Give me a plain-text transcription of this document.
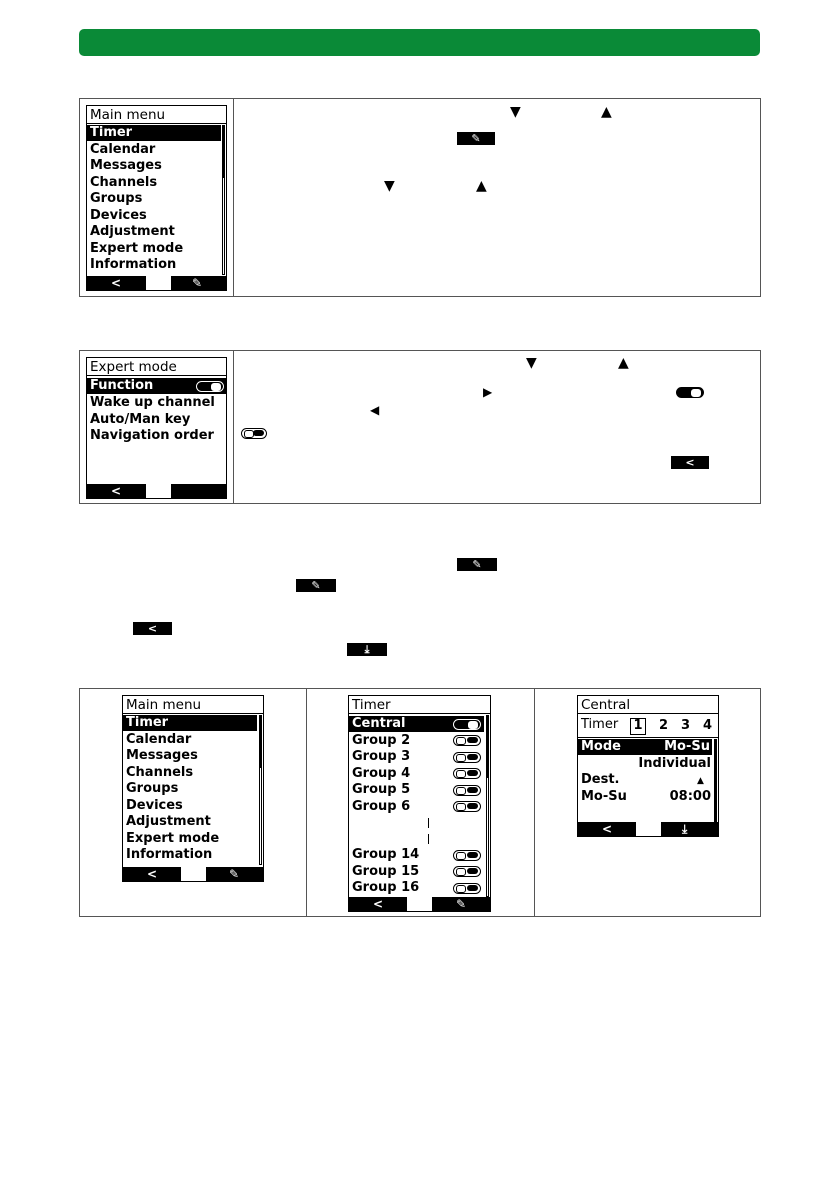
Main menu
Timer
Calendar
Messages
Channels
Groups
Devices
Adjustment
Expert mode
Information
<	✎
▼	▲
✎
▼	▲
Expert mode
Function
Wake up channel
Auto/Man key
Navigation order
<
▼	▲
▶
◀
<
✎
✎
<
⤓
Main menu
Timer
Calendar
Messages
Channels
Groups
Devices
Adjustment
Expert mode
Information
<	✎
Timer
Central
Group 2
Group 3
Group 4
Group 5
Group 6
Group 14
Group 15
Group 16
<	✎
Central
Timer 1 2 3 4
Mode	Mo-Su
Individual
Dest.	▲
Mo-Su	08:00
<	⤓
